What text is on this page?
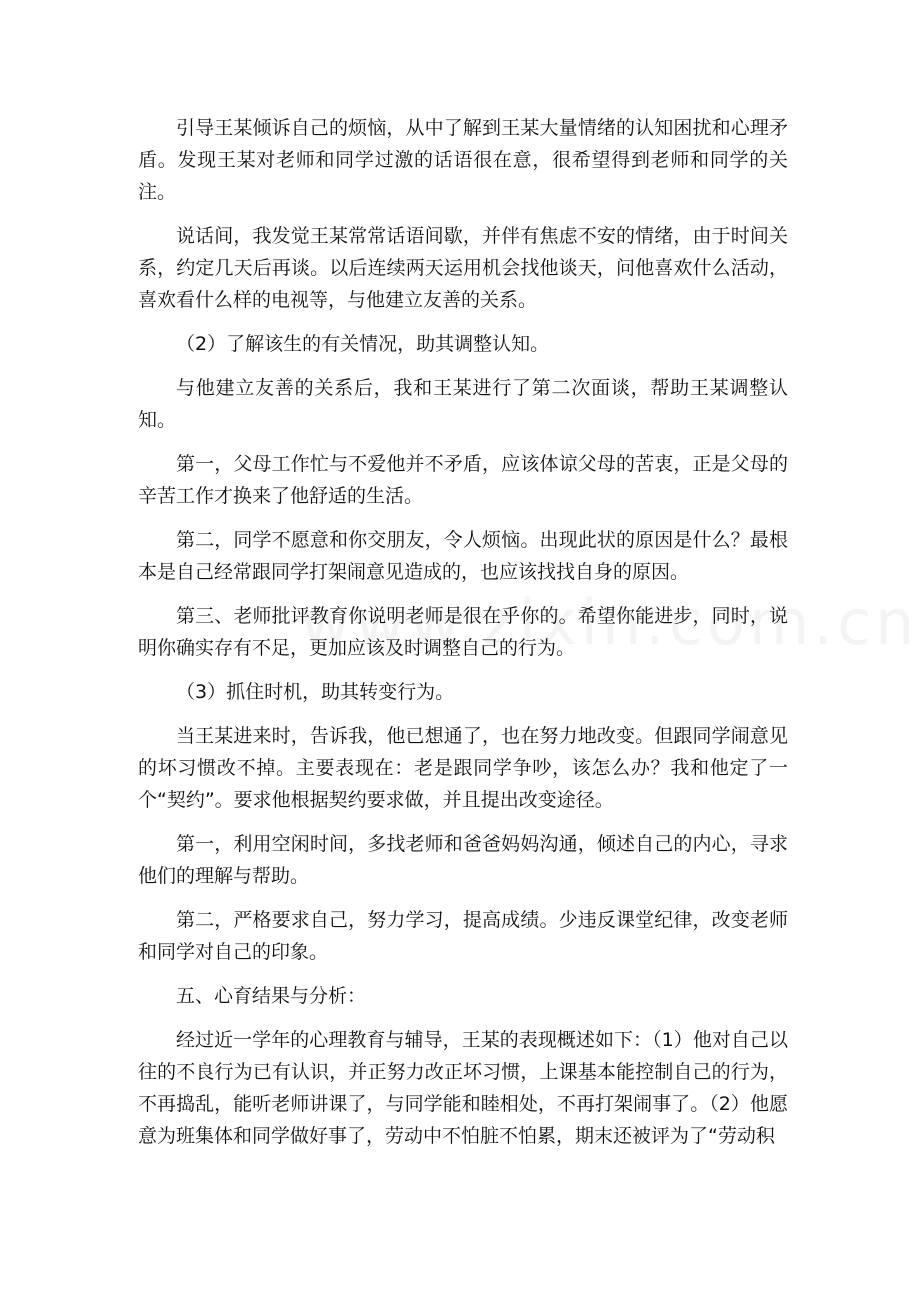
引导王某倾诉自己的烦恼，从中了解到王某大量情绪的认知困扰和心理矛盾。发现王某对老师和同学过激的话语很在意，很希望得到老师和同学的关注。

说话间，我发觉王某常常话语间歇，并伴有焦虑不安的情绪，由于时间关系，约定几天后再谈。以后连续两天运用机会找他谈天，问他喜欢什么活动，喜欢看什么样的电视等，与他建立友善的关系。

（2）了解该生的有关情况，助其调整认知。

与他建立友善的关系后，我和王某进行了第二次面谈，帮助王某调整认知。

第一，父母工作忙与不爱他并不矛盾，应该体谅父母的苦衷，正是父母的辛苦工作才换来了他舒适的生活。

第二，同学不愿意和你交朋友，令人烦恼。出现此状的原因是什么？最根本是自己经常跟同学打架闹意见造成的，也应该找找自身的原因。

第三、老师批评教育你说明老师是很在乎你的。希望你能进步，同时，说明你确实存有不足，更加应该及时调整自己的行为。

（3）抓住时机，助其转变行为。

当王某进来时，告诉我，他已想通了，也在努力地改变。但跟同学闹意见的坏习惯改不掉。主要表现在：老是跟同学争吵，该怎么办？我和他定了一个“契约”。要求他根据契约要求做，并且提出改变途径。

第一，利用空闲时间，多找老师和爸爸妈妈沟通，倾述自己的内心，寻求他们的理解与帮助。

第二，严格要求自己，努力学习，提高成绩。少违反课堂纪律，改变老师和同学对自己的印象。

五、心育结果与分析：

经过近一学年的心理教育与辅导，王某的表现概述如下：（1）他对自己以往的不良行为已有认识，并正努力改正坏习惯，上课基本能控制自己的行为，不再捣乱，能听老师讲课了，与同学能和睦相处，不再打架闹事了。（2）他愿意为班集体和同学做好事了，劳动中不怕脏不怕累，期末还被评为了“劳动积
